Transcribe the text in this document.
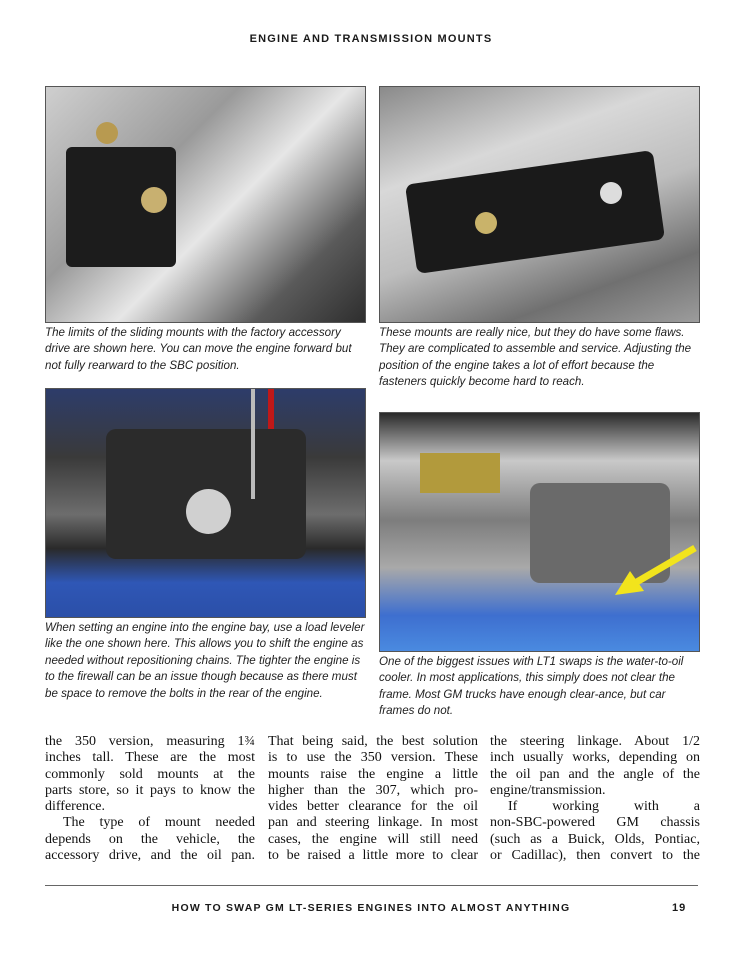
ENGINE AND TRANSMISSION MOUNTS
The limits of the sliding mounts with the factory accessory drive are shown here. You can move the engine forward but not fully rearward to the SBC position.
These mounts are really nice, but they do have some flaws. They are complicated to assemble and service. Adjusting the position of the engine takes a lot of effort because the fasteners quickly become hard to reach.
When setting an engine into the engine bay, use a load leveler like the one shown here. This allows you to shift the engine as needed without repositioning chains. The tighter the engine is to the firewall can be an issue though because as there must be space to remove the bolts in the rear of the engine.
One of the biggest issues with LT1 swaps is the water-to-oil cooler. In most applications, this simply does not clear the frame. Most GM trucks have enough clear-ance, but car frames do not.
the 350 version, measuring 1¾
inches tall. These are the most
commonly sold mounts at the
parts store, so it pays to know the
difference.
The type of mount needed
depends on the vehicle, the
accessory drive, and the oil pan.
That being said, the best solution
is to use the 350 version. These
mounts raise the engine a little
higher than the 307, which pro-
vides better clearance for the oil
pan and steering linkage. In most
cases, the engine will still need
to be raised a little more to clear
the steering linkage. About 1/2
inch usually works, depending on
the oil pan and the angle of the
engine/transmission.
If working with a
non-SBC-powered GM chassis
(such as a Buick, Olds, Pontiac,
or Cadillac), then convert to the
HOW TO SWAP GM LT-SERIES ENGINES INTO ALMOST ANYTHING	19
